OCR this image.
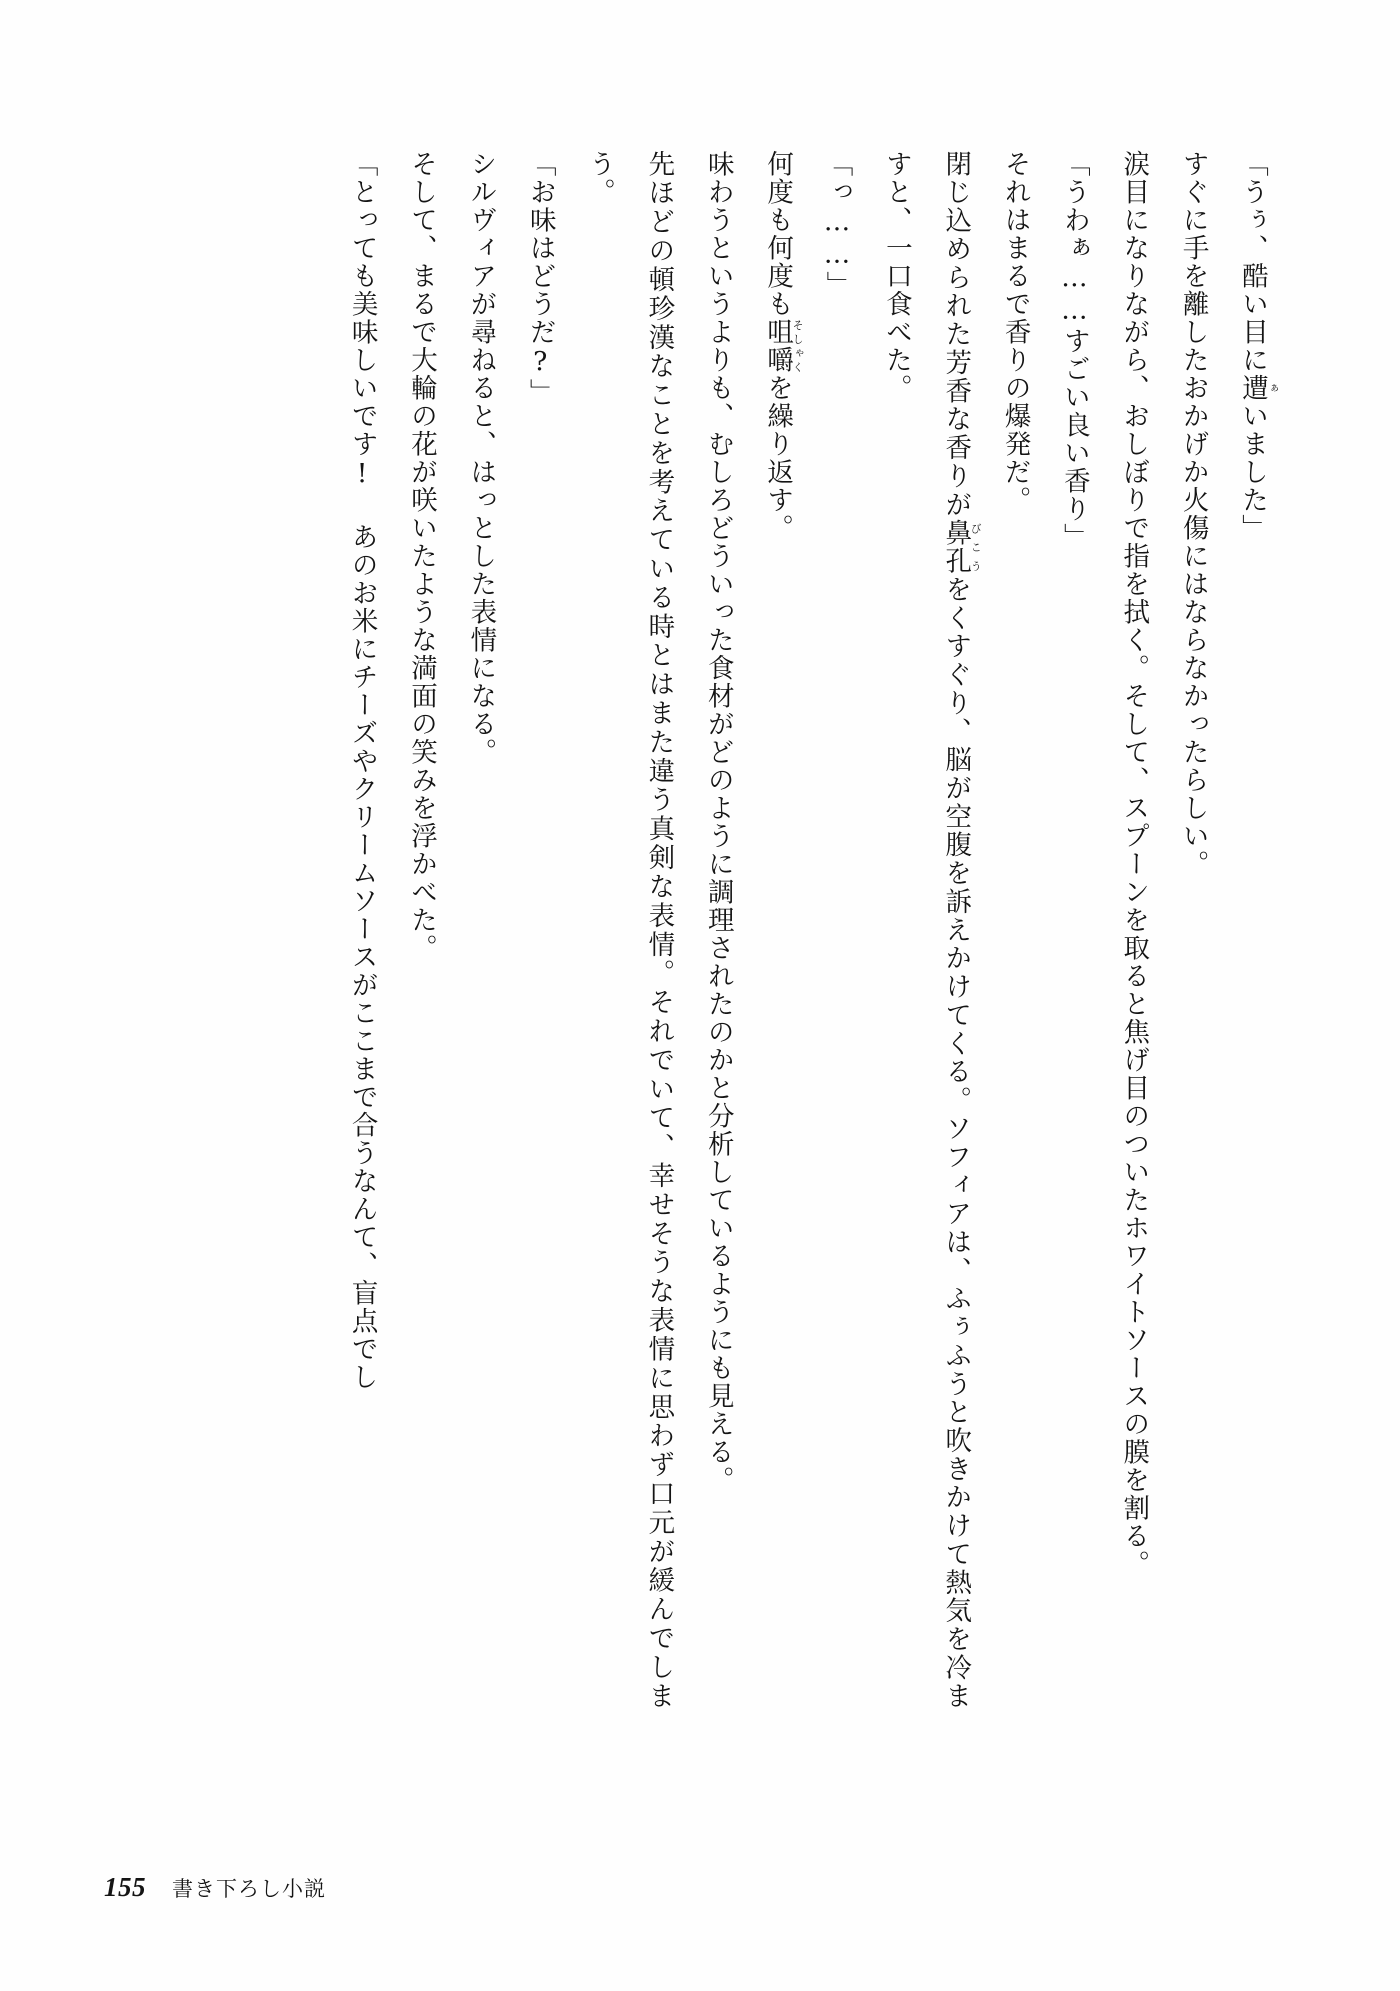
「うぅ、酷い目に遭ぁいました」

すぐに手を離したおかげか火傷にはならなかったらしい。

涙目になりながら、おしぼりで指を拭く。そして、スプーンを取ると焦げ目のついたホワイトソースの膜を割る。

「うわぁ……すごい良い香り」

それはまるで香りの爆発だ。

閉じ込められた芳香な香りが鼻孔びこうをくすぐり、脳が空腹を訴えかけてくる。ソフィアは、ふぅふうと吹きかけて熱気を冷ますと、一口食べた。

「っ……」

何度も何度も咀嚼そしゃくを繰り返す。

味わうというよりも、むしろどういった食材がどのように調理されたのかと分析しているようにも見える。

先ほどの頓珍漢なことを考えている時とはまた違う真剣な表情。それでいて、幸せそうな表情に思わず口元が緩んでしまう。

「お味はどうだ?」

シルヴィアが尋ねると、はっとした表情になる。

そして、まるで大輪の花が咲いたような満面の笑みを浮かべた。

「とっても美味しいです! あのお米にチーズやクリームソースがここまで合うなんて、盲点でし

155 書き下ろし小説
